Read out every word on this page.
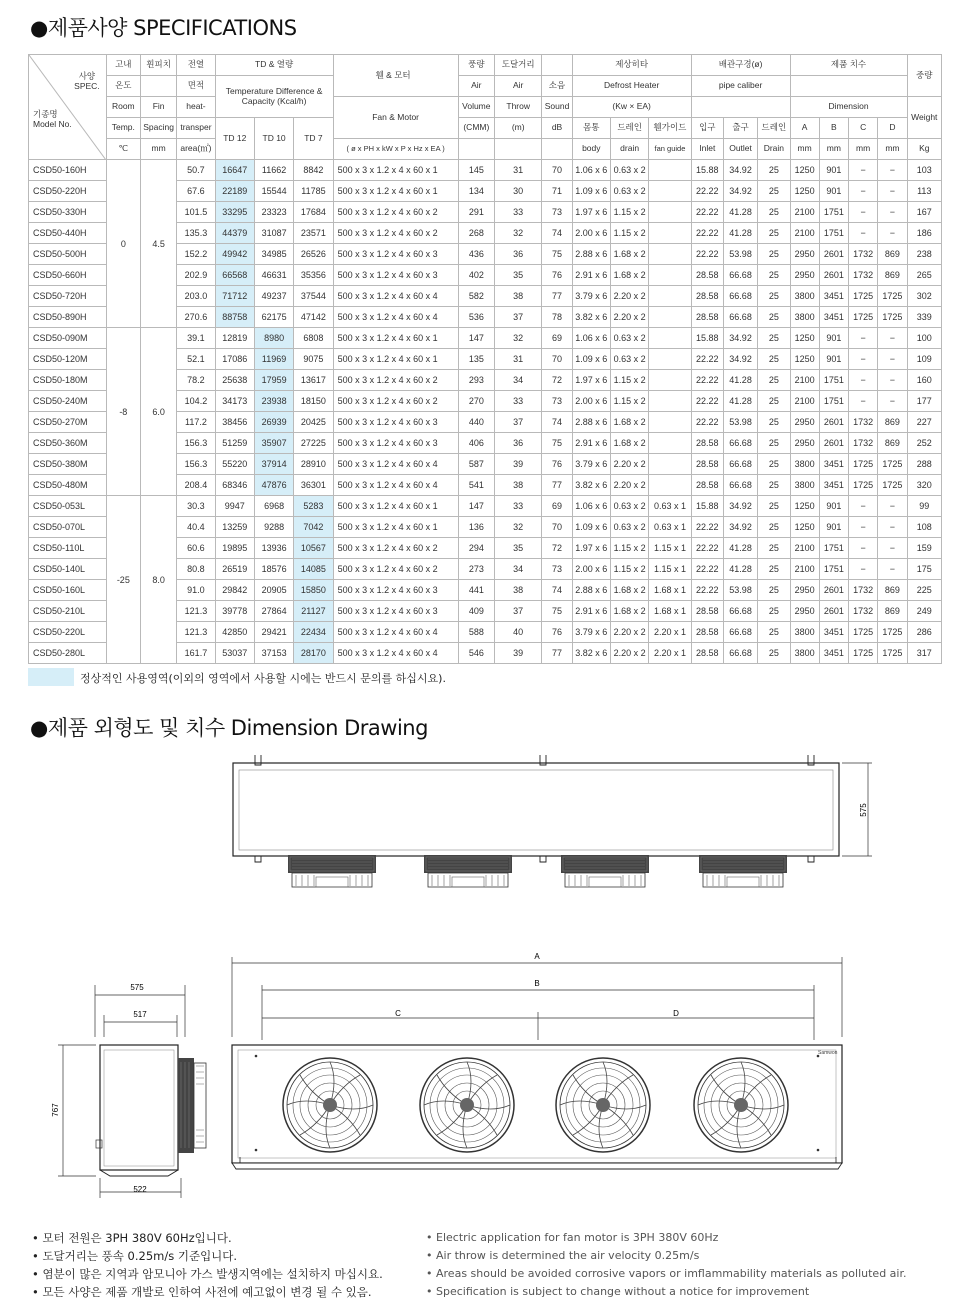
●제품사양 SPECIFICATIONS
사양
SPEC.
기종명
Model No.	고내	휜피치	전열	TD & 열량			휀 & 모터	풍량	도달거리		제상히타			배관구경(ø)			제품 치수				중량
	온도		면적	Temperature Difference & Capacity (Kcal/h)				Air	Air	소음	Defrost Heater			pipe caliber							
	Room	Fin	heat-				Fan & Motor	Volume	Throw	Sound	(Kw × EA)						Dimension				Weight
	Temp.	Spacing	transper	TD 12	TD 10	TD 7		(CMM)	(m)	dB	몸통	드레인	휀가이드	입구	출구	드레인	A	B	C	D	
	℃	mm	area(㎡)				( ø x PH x kW x P x Hz x EA )				body	drain	fan guide	Inlet	Outlet	Drain	mm	mm	mm	mm	Kg
CSD50-160H	0	4.5	50.7	16647	11662	8842	500 x 3 x 1.2 x 4 x 60 x 1	145	31	70	1.06 x 6	0.63 x 2		15.88	34.92	25	1250	901	−	−	103
CSD50-220H			67.6	22189	15544	11785	500 x 3 x 1.2 x 4 x 60 x 1	134	30	71	1.09 x 6	0.63 x 2		22.22	34.92	25	1250	901	−	−	113
CSD50-330H			101.5	33295	23323	17684	500 x 3 x 1.2 x 4 x 60 x 2	291	33	73	1.97 x 6	1.15 x 2		22.22	41.28	25	2100	1751	−	−	167
CSD50-440H			135.3	44379	31087	23571	500 x 3 x 1.2 x 4 x 60 x 2	268	32	74	2.00 x 6	1.15 x 2		22.22	41.28	25	2100	1751	−	−	186
CSD50-500H			152.2	49942	34985	26526	500 x 3 x 1.2 x 4 x 60 x 3	436	36	75	2.88 x 6	1.68 x 2		22.22	53.98	25	2950	2601	1732	869	238
CSD50-660H			202.9	66568	46631	35356	500 x 3 x 1.2 x 4 x 60 x 3	402	35	76	2.91 x 6	1.68 x 2		28.58	66.68	25	2950	2601	1732	869	265
CSD50-720H			203.0	71712	49237	37544	500 x 3 x 1.2 x 4 x 60 x 4	582	38	77	3.79 x 6	2.20 x 2		28.58	66.68	25	3800	3451	1725	1725	302
CSD50-890H			270.6	88758	62175	47142	500 x 3 x 1.2 x 4 x 60 x 4	536	37	78	3.82 x 6	2.20 x 2		28.58	66.68	25	3800	3451	1725	1725	339
CSD50-090M	-8	6.0	39.1	12819	8980	6808	500 x 3 x 1.2 x 4 x 60 x 1	147	32	69	1.06 x 6	0.63 x 2		15.88	34.92	25	1250	901	−	−	100
CSD50-120M			52.1	17086	11969	9075	500 x 3 x 1.2 x 4 x 60 x 1	135	31	70	1.09 x 6	0.63 x 2		22.22	34.92	25	1250	901	−	−	109
CSD50-180M			78.2	25638	17959	13617	500 x 3 x 1.2 x 4 x 60 x 2	293	34	72	1.97 x 6	1.15 x 2		22.22	41.28	25	2100	1751	−	−	160
CSD50-240M			104.2	34173	23938	18150	500 x 3 x 1.2 x 4 x 60 x 2	270	33	73	2.00 x 6	1.15 x 2		22.22	41.28	25	2100	1751	−	−	177
CSD50-270M			117.2	38456	26939	20425	500 x 3 x 1.2 x 4 x 60 x 3	440	37	74	2.88 x 6	1.68 x 2		22.22	53.98	25	2950	2601	1732	869	227
CSD50-360M			156.3	51259	35907	27225	500 x 3 x 1.2 x 4 x 60 x 3	406	36	75	2.91 x 6	1.68 x 2		28.58	66.68	25	2950	2601	1732	869	252
CSD50-380M			156.3	55220	37914	28910	500 x 3 x 1.2 x 4 x 60 x 4	587	39	76	3.79 x 6	2.20 x 2		28.58	66.68	25	3800	3451	1725	1725	288
CSD50-480M			208.4	68346	47876	36301	500 x 3 x 1.2 x 4 x 60 x 4	541	38	77	3.82 x 6	2.20 x 2		28.58	66.68	25	3800	3451	1725	1725	320
CSD50-053L	-25	8.0	30.3	9947	6968	5283	500 x 3 x 1.2 x 4 x 60 x 1	147	33	69	1.06 x 6	0.63 x 2	0.63 x 1	15.88	34.92	25	1250	901	−	−	99
CSD50-070L			40.4	13259	9288	7042	500 x 3 x 1.2 x 4 x 60 x 1	136	32	70	1.09 x 6	0.63 x 2	0.63 x 1	22.22	34.92	25	1250	901	−	−	108
CSD50-110L			60.6	19895	13936	10567	500 x 3 x 1.2 x 4 x 60 x 2	294	35	72	1.97 x 6	1.15 x 2	1.15 x 1	22.22	41.28	25	2100	1751	−	−	159
CSD50-140L			80.8	26519	18576	14085	500 x 3 x 1.2 x 4 x 60 x 2	273	34	73	2.00 x 6	1.15 x 2	1.15 x 1	22.22	41.28	25	2100	1751	−	−	175
CSD50-160L			91.0	29842	20905	15850	500 x 3 x 1.2 x 4 x 60 x 3	441	38	74	2.88 x 6	1.68 x 2	1.68 x 1	22.22	53.98	25	2950	2601	1732	869	225
CSD50-210L			121.3	39778	27864	21127	500 x 3 x 1.2 x 4 x 60 x 3	409	37	75	2.91 x 6	1.68 x 2	1.68 x 1	28.58	66.68	25	2950	2601	1732	869	249
CSD50-220L			121.3	42850	29421	22434	500 x 3 x 1.2 x 4 x 60 x 4	588	40	76	3.79 x 6	2.20 x 2	2.20 x 1	28.58	66.68	25	3800	3451	1725	1725	286
CSD50-280L			161.7	53037	37153	28170	500 x 3 x 1.2 x 4 x 60 x 4	546	39	77	3.82 x 6	2.20 x 2	2.20 x 1	28.58	66.68	25	3800	3451	1725	1725	317
정상적인 사용영역(이외의 영역에서 사용할 시에는 반드시 문의를 하십시요).
●제품 외형도 및 치수 Dimension Drawing
575
575
517
767
522
A
B
C	D
Samwon
• 모터 전원은 3PH 380V 60Hz입니다.
• 도달거리는 풍속 0.25m/s 기준입니다.
• 염분이 많은 지역과 암모니아 가스 발생지역에는 설치하지 마십시요.
• 모든 사양은 제품 개발로 인하여 사전에 예고없이 변경 될 수 있음.
• Electric application for fan motor is 3PH 380V 60Hz
• Air throw is determined the air velocity 0.25m/s
• Areas should be avoided corrosive vapors or imflammability materials as polluted air.
• Specification is subject to change without a notice for improvement
